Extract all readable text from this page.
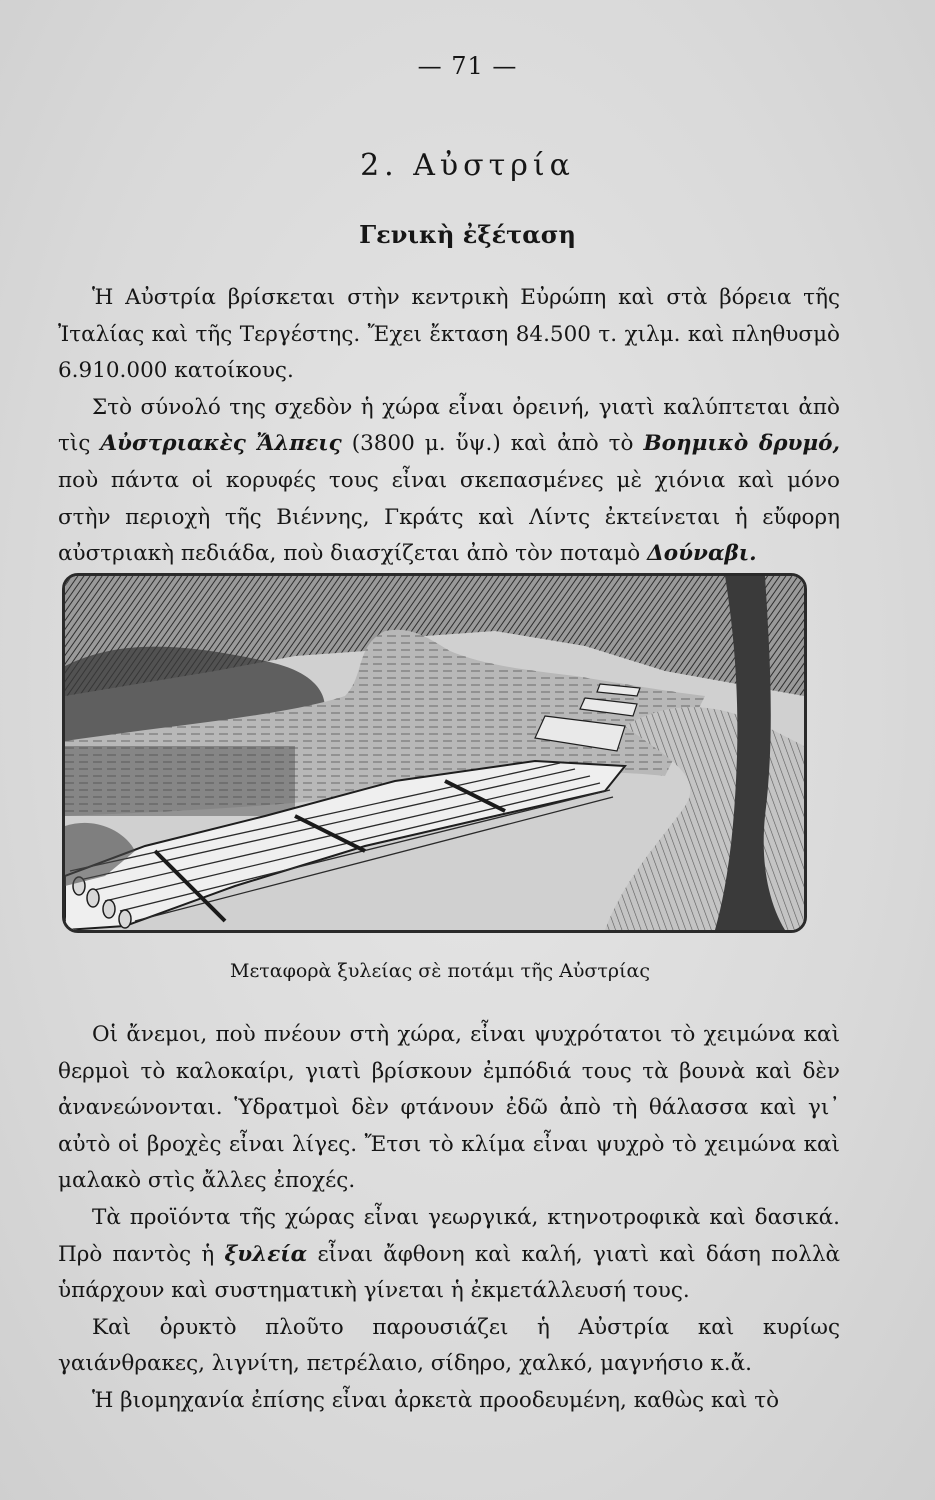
— 71 —
2. Αὐστρία
Γενικὴ ἐξέταση

Ἡ Αὐστρία βρίσκεται στὴν κεντρικὴ Εὐρώπη καὶ στὰ βόρεια τῆς Ἰταλίας καὶ τῆς Τεργέστης. Ἔχει ἔκταση 84.500 τ. χιλμ. καὶ πληθυσμὸ 6.910.000 κατοίκους.

Στὸ σύνολό της σχεδὸν ἡ χώρα εἶναι ὀρεινή, γιατὶ καλύπτεται ἀπὸ τὶς Αὐστριακὲς Ἄλπεις (3800 μ. ὕψ.) καὶ ἀπὸ τὸ Βοημικὸ δρυμό, ποὺ πάντα οἱ κορυφές τους εἶναι σκεπασμένες μὲ χιόνια καὶ μόνο στὴν περιοχὴ τῆς Βιέννης, Γκράτς καὶ Λίντς ἐκτείνεται ἡ εὔφορη αὐστριακὴ πεδιάδα, ποὺ διασχίζεται ἀπὸ τὸν ποταμὸ Δούναβι.

Μεταφορὰ ξυλείας σὲ ποτάμι τῆς Αὐστρίας

Οἱ ἄνεμοι, ποὺ πνέουν στὴ χώρα, εἶναι ψυχρότατοι τὸ χειμώνα καὶ θερμοὶ τὸ καλοκαίρι, γιατὶ βρίσκουν ἐμπόδιά τους τὰ βουνὰ καὶ δὲν ἀνανεώνονται. Ὑδρατμοὶ δὲν φτάνουν ἐδῶ ἀπὸ τὴ θάλασσα καὶ γι᾿ αὐτὸ οἱ βροχὲς εἶναι λίγες. Ἔτσι τὸ κλίμα εἶναι ψυχρὸ τὸ χειμώνα καὶ μαλακὸ στὶς ἄλλες ἐποχές.

Τὰ προϊόντα τῆς χώρας εἶναι γεωργικά, κτηνοτροφικὰ καὶ δασικά. Πρὸ παντὸς ἡ ξυλεία εἶναι ἄφθονη καὶ καλή, γιατὶ καὶ δάση πολλὰ ὑπάρχουν καὶ συστηματικὴ γίνεται ἡ ἐκμετάλλευσή τους.

Καὶ ὀρυκτὸ πλοῦτο παρουσιάζει ἡ Αὐστρία καὶ κυρίως γαιάνθρακες, λιγνίτη, πετρέλαιο, σίδηρο, χαλκό, μαγνήσιο κ.ἄ.

Ἡ βιομηχανία ἐπίσης εἶναι ἀρκετὰ προοδευμένη, καθὼς καὶ τὸ
